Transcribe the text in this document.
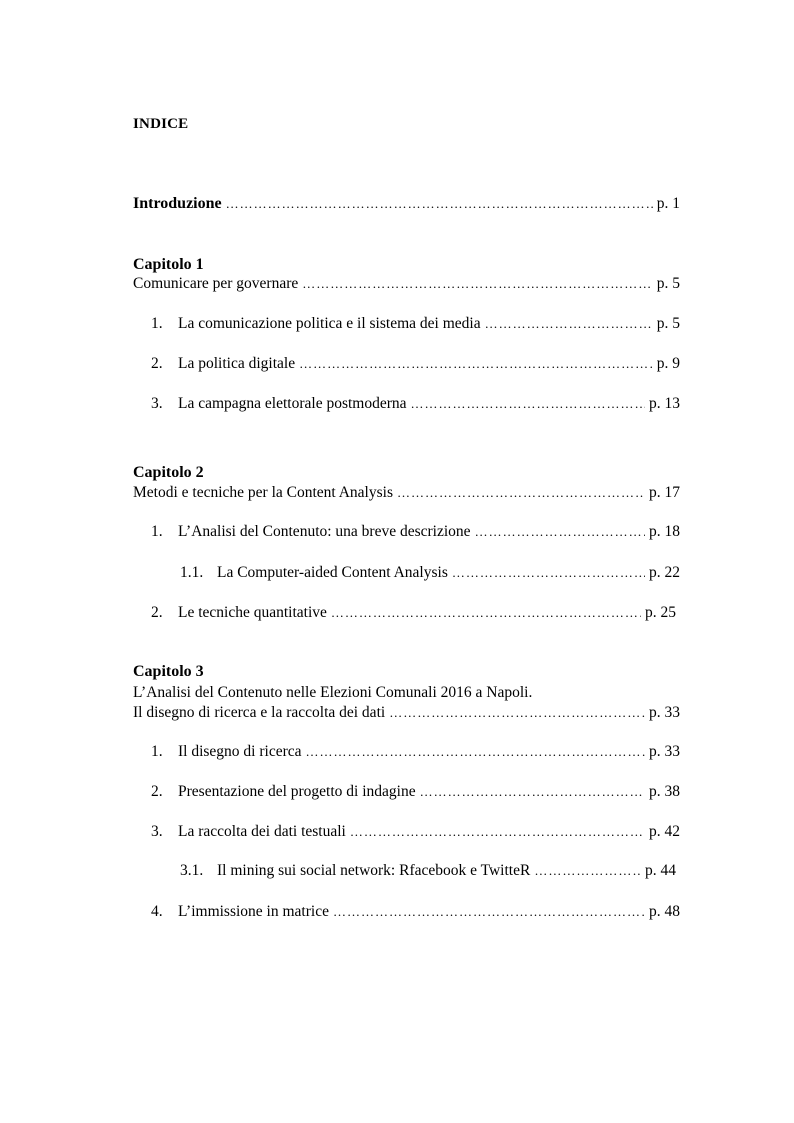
INDICE
Introduzione ……………………………………………………………………………………………………………………………………………………………………	p. 1
Capitolo 1
Comunicare per governare ……………………………………………………………………………………………………………………………………………………………………	p. 5
1. La comunicazione politica e il sistema dei media ……………………………………………………………………………………………………………………………………………………………………	p. 5
2. La politica digitale ……………………………………………………………………………………………………………………………………………………………………	p. 9
3. La campagna elettorale postmoderna ……………………………………………………………………………………………………………………………………………………………………	p. 13
Capitolo 2
Metodi e tecniche per la Content Analysis ……………………………………………………………………………………………………………………………………………………………………	p. 17
1. L’Analisi del Contenuto: una breve descrizione ……………………………………………………………………………………………………………………………………………………………………	p. 18
1.1. La Computer-aided Content Analysis ……………………………………………………………………………………………………………………………………………………………………	p. 22
2. Le tecniche quantitative ……………………………………………………………………………………………………………………………………………………………………	p. 25
Capitolo 3
L’Analisi del Contenuto nelle Elezioni Comunali 2016 a Napoli.
Il disegno di ricerca e la raccolta dei dati ……………………………………………………………………………………………………………………………………………………………………	p. 33
1. Il disegno di ricerca ……………………………………………………………………………………………………………………………………………………………………	p. 33
2. Presentazione del progetto di indagine ……………………………………………………………………………………………………………………………………………………………………	p. 38
3. La raccolta dei dati testuali ……………………………………………………………………………………………………………………………………………………………………	p. 42
3.1. Il mining sui social network: Rfacebook e TwitteR ……………………………………………………………………………………………………………………………………………………………………	p. 44
4. L’immissione in matrice ……………………………………………………………………………………………………………………………………………………………………	p. 48
